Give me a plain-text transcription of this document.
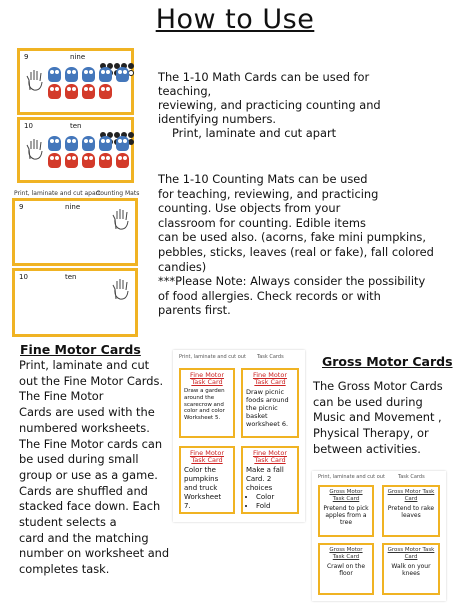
How to Use
9	nine
10	ten

The 1-10 Math Cards can be used for

teaching,

reviewing, and practicing counting and

identifying numbers.

Print, laminate and cut apart

Print, laminate and cut apart
Counting Mats
9	nine
10	ten

The 1-10 Counting Mats can be used

for teaching, reviewing, and practicing

counting. Use objects from your

classroom for counting. Edible items

can be used also. (acorns, fake mini pumpkins,

pebbles, sticks, leaves (real or fake), fall colored

candies)

***Please Note: Always consider the possibility

of food allergies. Check records or with

parents first.

Fine Motor Cards

Print, laminate and cut

out the Fine Motor Cards.

The Fine Motor

Cards are used with the

numbered worksheets.

The Fine Motor cards can

be used during small

group or use as a game.

Cards are shuffled and

stacked face down. Each

student selects a

card and the matching

number on worksheet and

completes task.

Print, laminate and cut out Task Cards
Fine Motor Task Card
Draw a garden around the scarecrow and color and color Worksheet 5.
Fine Motor Task Card
Draw picnic foods around the picnic basket worksheet 6.
Fine Motor Task Card
Color the pumpkins and truck Worksheet 7.
Fine Motor Task Card
Make a fall Card. 2 choices
• Color
• Fold
Gross Motor Cards

The Gross Motor Cards

can be used during

Music and Movement ,

Physical Therapy, or

between activities.

Print, laminate and cut out	Task Cards
Gross Motor Task Card
Pretend to pick apples from a tree
Gross Motor Task Card
Pretend to rake leaves
Gross Motor Task Card
Crawl on the floor
Gross Motor Task Card
Walk on your knees
